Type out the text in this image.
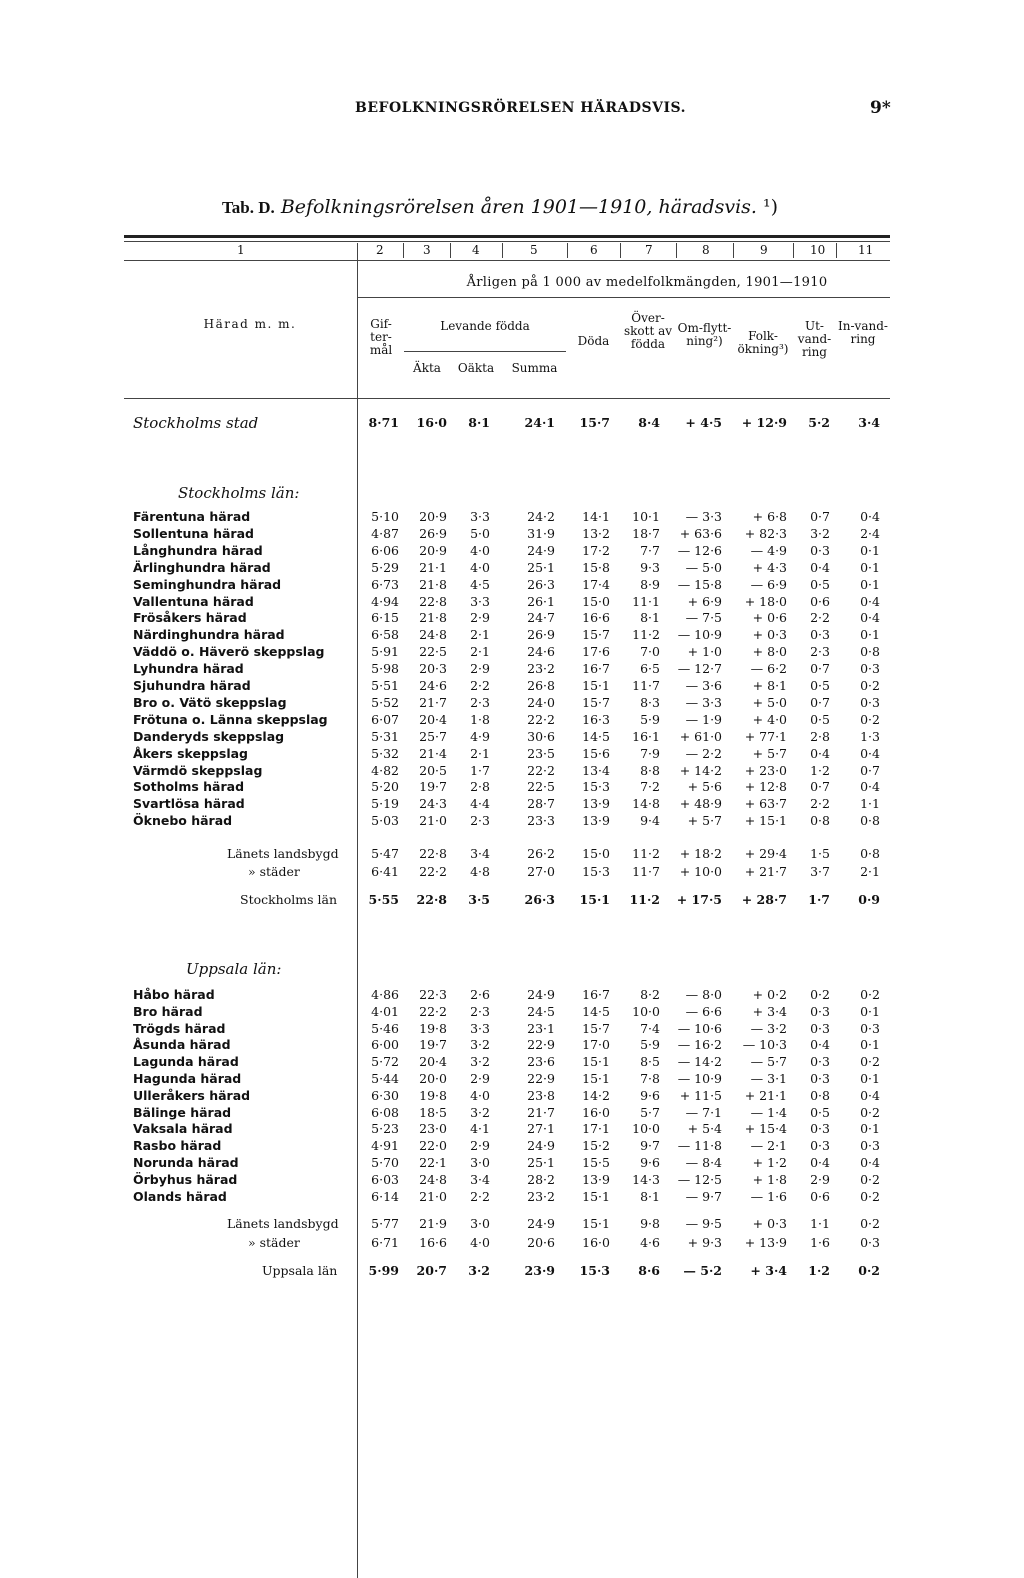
BEFOLKNINGSRÖRELSEN HÄRADSVIS.	9*
Tab. D. Befolkningsrörelsen åren 1901—1910, häradsvis. ¹)
1	2	3	4	5	6	7	8	9	10	11
Årligen på 1 000 av medelfolkmängden, 1901—1910
Härad m. m.	Gif-ter-mål
Levande födda
Äkta	Oäkta	Summa
Döda
Över-skott av födda
Om-flytt-ning²)	Folk-ökning³)
Ut-vand-ring
In-vand-ring
Stockholms stad	8·71 16·0 8·1	24·1 15·7 8·4 + 4·5 + 12·9 5·2 3·4
Stockholms län:
Färentuna härad	5·10 20·9 3·3	24·2 14·1 10·1 — 3·3 + 6·8 0·7 0·4
Sollentuna härad	4·87 26·9 5·0	31·9 13·2 18·7 + 63·6 + 82·3 3·2 2·4
Långhundra härad	6·06 20·9 4·0	24·9 17·2 7·7 — 12·6 — 4·9 0·3 0·1
Ärlinghundra härad	5·29 21·1 4·0	25·1 15·8 9·3 — 5·0 + 4·3 0·4 0·1
Seminghundra härad	6·73 21·8 4·5	26·3 17·4 8·9 — 15·8 — 6·9 0·5 0·1
Vallentuna härad	4·94 22·8 3·3	26·1 15·0 11·1 + 6·9 + 18·0 0·6 0·4
Frösåkers härad	6·15 21·8 2·9	24·7 16·6 8·1 — 7·5 + 0·6 2·2 0·4
Närdinghundra härad	6·58 24·8 2·1	26·9 15·7 11·2 — 10·9 + 0·3 0·3 0·1
Väddö o. Häverö skeppslag	5·91 22·5 2·1	24·6 17·6 7·0 + 1·0 + 8·0 2·3 0·8
Lyhundra härad	5·98 20·3 2·9	23·2 16·7 6·5 — 12·7 — 6·2 0·7 0·3
Sjuhundra härad	5·51 24·6 2·2	26·8 15·1 11·7 — 3·6 + 8·1 0·5 0·2
Bro o. Vätö skeppslag	5·52 21·7 2·3	24·0 15·7 8·3 — 3·3 + 5·0 0·7 0·3
Frötuna o. Länna skeppslag	6·07 20·4 1·8	22·2 16·3 5·9 — 1·9 + 4·0 0·5 0·2
Danderyds skeppslag	5·31 25·7 4·9	30·6 14·5 16·1 + 61·0 + 77·1 2·8 1·3
Åkers skeppslag	5·32 21·4 2·1	23·5 15·6 7·9 — 2·2 + 5·7 0·4 0·4
Värmdö skeppslag	4·82 20·5 1·7	22·2 13·4 8·8 + 14·2 + 23·0 1·2 0·7
Sotholms härad	5·20 19·7 2·8	22·5 15·3 7·2 + 5·6 + 12·8 0·7 0·4
Svartlösa härad	5·19 24·3 4·4	28·7 13·9 14·8 + 48·9 + 63·7 2·2 1·1
Öknebo härad	5·03 21·0 2·3	23·3 13·9 9·4 + 5·7 + 15·1 0·8 0·8
Länets landsbygd	5·47 22·8 3·4	26·2 15·0 11·2 + 18·2 + 29·4 1·5 0·8
» städer	6·41 22·2 4·8	27·0 15·3 11·7 + 10·0 + 21·7 3·7 2·1
Stockholms län	5·55 22·8 3·5	26·3 15·1 11·2 + 17·5 + 28·7 1·7 0·9
Uppsala län:
Håbo härad	4·86 22·3 2·6	24·9 16·7 8·2 — 8·0 + 0·2 0·2 0·2
Bro härad	4·01 22·2 2·3	24·5 14·5 10·0 — 6·6 + 3·4 0·3 0·1
Trögds härad	5·46 19·8 3·3	23·1 15·7 7·4 — 10·6 — 3·2 0·3 0·3
Åsunda härad	6·00 19·7 3·2	22·9 17·0 5·9 — 16·2 — 10·3 0·4 0·1
Lagunda härad	5·72 20·4 3·2	23·6 15·1 8·5 — 14·2 — 5·7 0·3 0·2
Hagunda härad	5·44 20·0 2·9	22·9 15·1 7·8 — 10·9 — 3·1 0·3 0·1
Ulleråkers härad	6·30 19·8 4·0	23·8 14·2 9·6 + 11·5 + 21·1 0·8 0·4
Bälinge härad	6·08 18·5 3·2	21·7 16·0 5·7 — 7·1 — 1·4 0·5 0·2
Vaksala härad	5·23 23·0 4·1	27·1 17·1 10·0 + 5·4 + 15·4 0·3 0·1
Rasbo härad	4·91 22·0 2·9	24·9 15·2 9·7 — 11·8 — 2·1 0·3 0·3
Norunda härad	5·70 22·1 3·0	25·1 15·5 9·6 — 8·4 + 1·2 0·4 0·4
Örbyhus härad	6·03 24·8 3·4	28·2 13·9 14·3 — 12·5 + 1·8 2·9 0·2
Olands härad	6·14 21·0 2·2	23·2 15·1 8·1 — 9·7 — 1·6 0·6 0·2
Länets landsbygd	5·77 21·9 3·0	24·9 15·1 9·8 — 9·5 + 0·3 1·1 0·2
» städer	6·71 16·6 4·0	20·6 16·0 4·6 + 9·3 + 13·9 1·6 0·3
Uppsala län 5·99 20·7 3·2	23·9 15·3 8·6 — 5·2 + 3·4 1·2 0·2
